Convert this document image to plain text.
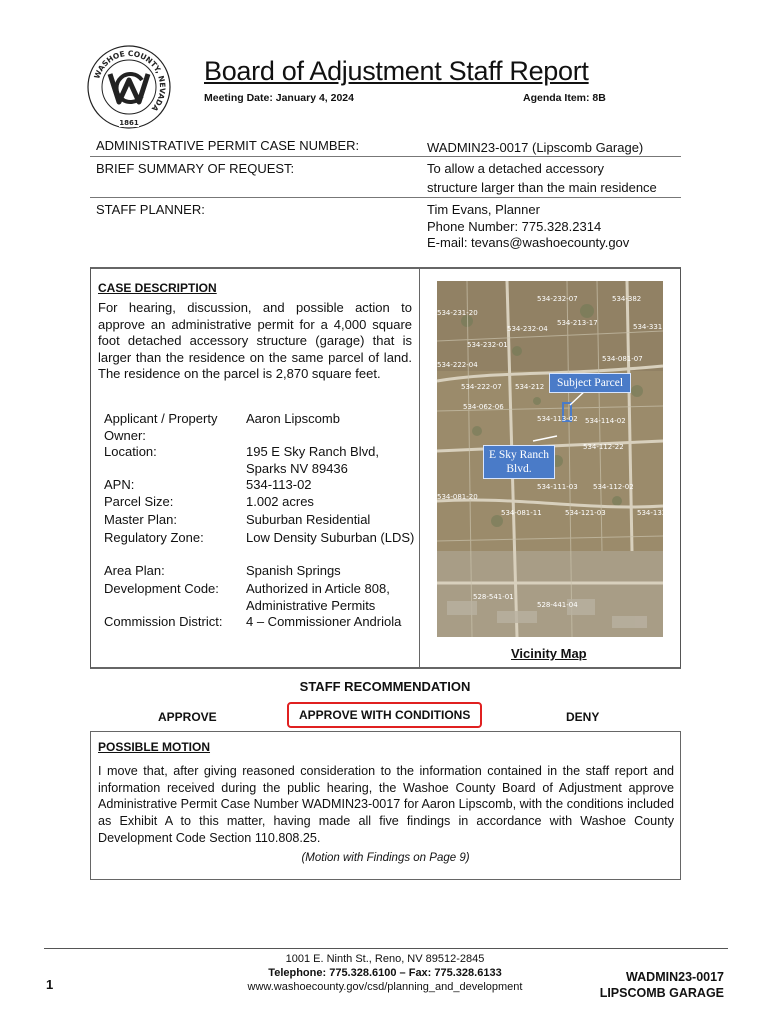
WASHOE COUNTY, NEVADA
1861
Board of Adjustment Staff Report
Meeting Date: January 4, 2024	Agenda Item: 8B
ADMINISTRATIVE PERMIT CASE NUMBER:	WADMIN23-0017 (Lipscomb Garage)
BRIEF SUMMARY OF REQUEST:	To allow a detached accessory
structure larger than the main residence
STAFF PLANNER:	Tim Evans, Planner
Phone Number: 775.328.2314
E-mail: tevans@washoecounty.gov
CASE DESCRIPTION
For hearing, discussion, and possible action to approve an administrative permit for a 4,000 square foot detached accessory structure (garage) that is larger than the residence on the same parcel of land. The residence on the parcel is 2,870 square feet.
Applicant / Property Owner:
Aaron Lipscomb
Location:	195 E Sky Ranch Blvd, Sparks NV 89436
APN:	534-113-02
Parcel Size:	1.002 acres
Master Plan:	Suburban Residential
Regulatory Zone:	Low Density Suburban (LDS)
Area Plan:	Spanish Springs
Development Code:	Authorized in Article 808, Administrative Permits
Commission District:	4 – Commissioner Andriola
534-232-07
534-231-20
534-232-04
534-213-17
534-232-01
534-222-04
534-081-07
534-222-07 534-212
534-062-06
534-113-02 534-114-02
534-112-22
534-111-03 534-112-02
534-081-20
534-081-11	534-121-03	534-133
528-541-01
528-441-04
534-331
534-382
Subject Parcel
E Sky Ranch Blvd.
Vicinity Map
STAFF RECOMMENDATION
APPROVE	APPROVE WITH CONDITIONS	DENY
POSSIBLE MOTION
I move that, after giving reasoned consideration to the information contained in the staff report and information received during the public hearing, the Washoe County Board of Adjustment approve Administrative Permit Case Number WADMIN23-0017 for Aaron Lipscomb, with the conditions included as Exhibit A to this matter, having made all five findings in accordance with Washoe County Development Code Section 110.808.25.
(Motion with Findings on Page 9)
1001 E. Ninth St., Reno, NV 89512-2845
Telephone: 775.328.6100 – Fax: 775.328.6133
www.washoecounty.gov/csd/planning_and_development
1	WADMIN23-0017
LIPSCOMB GARAGE
